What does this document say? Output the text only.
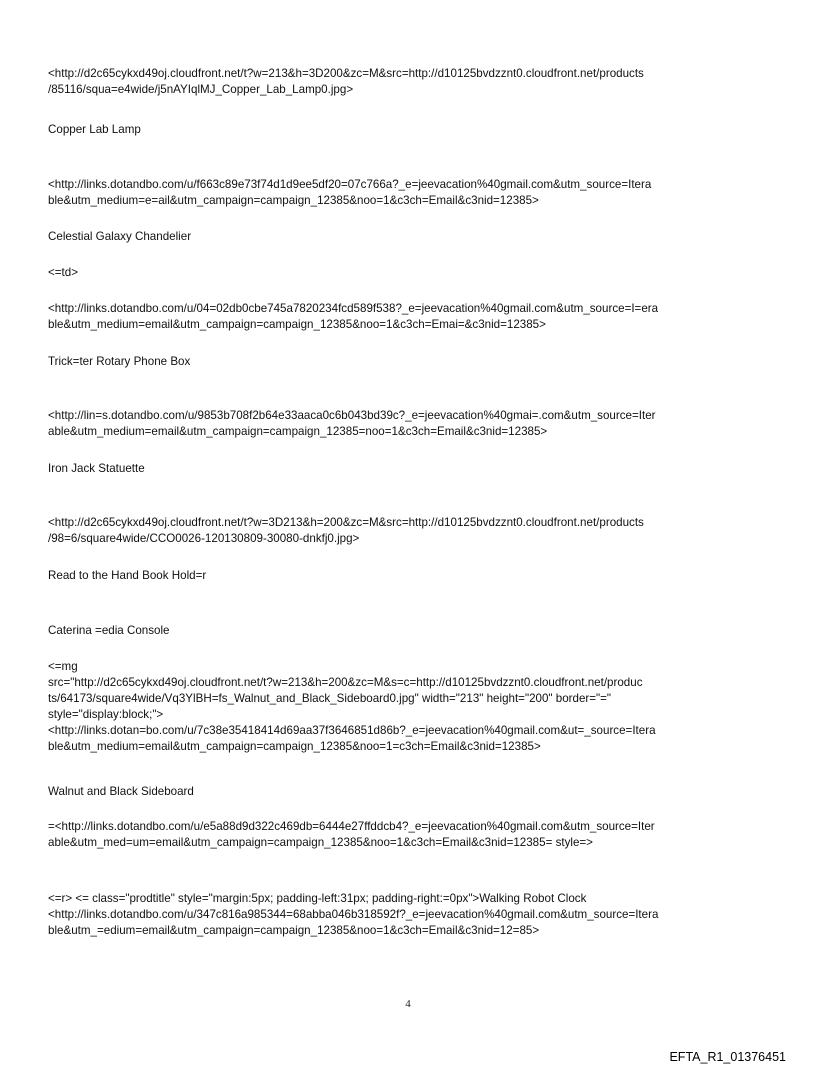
<http://d2c65cykxd49oj.cloudfront.net/t?w=213&h=3D200&zc=M&src=http://d10125bvdzznt0.cloudfront.net/products
/85116/squa=e4wide/j5nAYIqlMJ_Copper_Lab_Lamp0.jpg>

Copper Lab Lamp

<http://links.dotandbo.com/u/f663c89e73f74d1d9ee5df20=07c766a?_e=jeevacation%40gmail.com&utm_source=Itera
ble&utm_medium=e=ail&utm_campaign=campaign_12385&noo=1&c3ch=Email&c3nid=12385>

Celestial Galaxy Chandelier

<=td>

<http://links.dotandbo.com/u/04=02db0cbe745a7820234fcd589f538?_e=jeevacation%40gmail.com&utm_source=I=era
ble&utm_medium=email&utm_campaign=campaign_12385&noo=1&c3ch=Emai=&c3nid=12385>

Trick=ter Rotary Phone Box

<http://lin=s.dotandbo.com/u/9853b708f2b64e33aaca0c6b043bd39c?_e=jeevacation%40gmai=.com&utm_source=Iter
able&utm_medium=email&utm_campaign=campaign_12385=noo=1&c3ch=Email&c3nid=12385>

Iron Jack Statuette

<http://d2c65cykxd49oj.cloudfront.net/t?w=3D213&h=200&zc=M&src=http://d10125bvdzznt0.cloudfront.net/products
/98=6/square4wide/CCO0026-120130809-30080-dnkfj0.jpg>

Read to the Hand Book Hold=r

Caterina =edia Console

<=mg
src="http://d2c65cykxd49oj.cloudfront.net/t?w=213&h=200&zc=M&s=c=http://d10125bvdzznt0.cloudfront.net/produc
ts/64173/square4wide/Vq3YlBH=fs_Walnut_and_Black_Sideboard0.jpg" width="213" height="200" border="="
style="display:block;">
<http://links.dotan=bo.com/u/7c38e35418414d69aa37f3646851d86b?_e=jeevacation%40gmail.com&ut=_source=Itera
ble&utm_medium=email&utm_campaign=campaign_12385&noo=1=c3ch=Email&c3nid=12385>

Walnut and Black Sideboard

=<http://links.dotandbo.com/u/e5a88d9d322c469db=6444e27ffddcb4?_e=jeevacation%40gmail.com&utm_source=Iter
able&utm_med=um=email&utm_campaign=campaign_12385&noo=1&c3ch=Email&c3nid=12385= style=>

<=r> <= class="prodtitle" style="margin:5px; padding-left:31px; padding-right:=0px">Walking Robot Clock
<http://links.dotandbo.com/u/347c816a985344=68abba046b318592f?_e=jeevacation%40gmail.com&utm_source=Itera
ble&utm_=edium=email&utm_campaign=campaign_12385&noo=1&c3ch=Email&c3nid=12=85>

4
EFTA_R1_01376451
